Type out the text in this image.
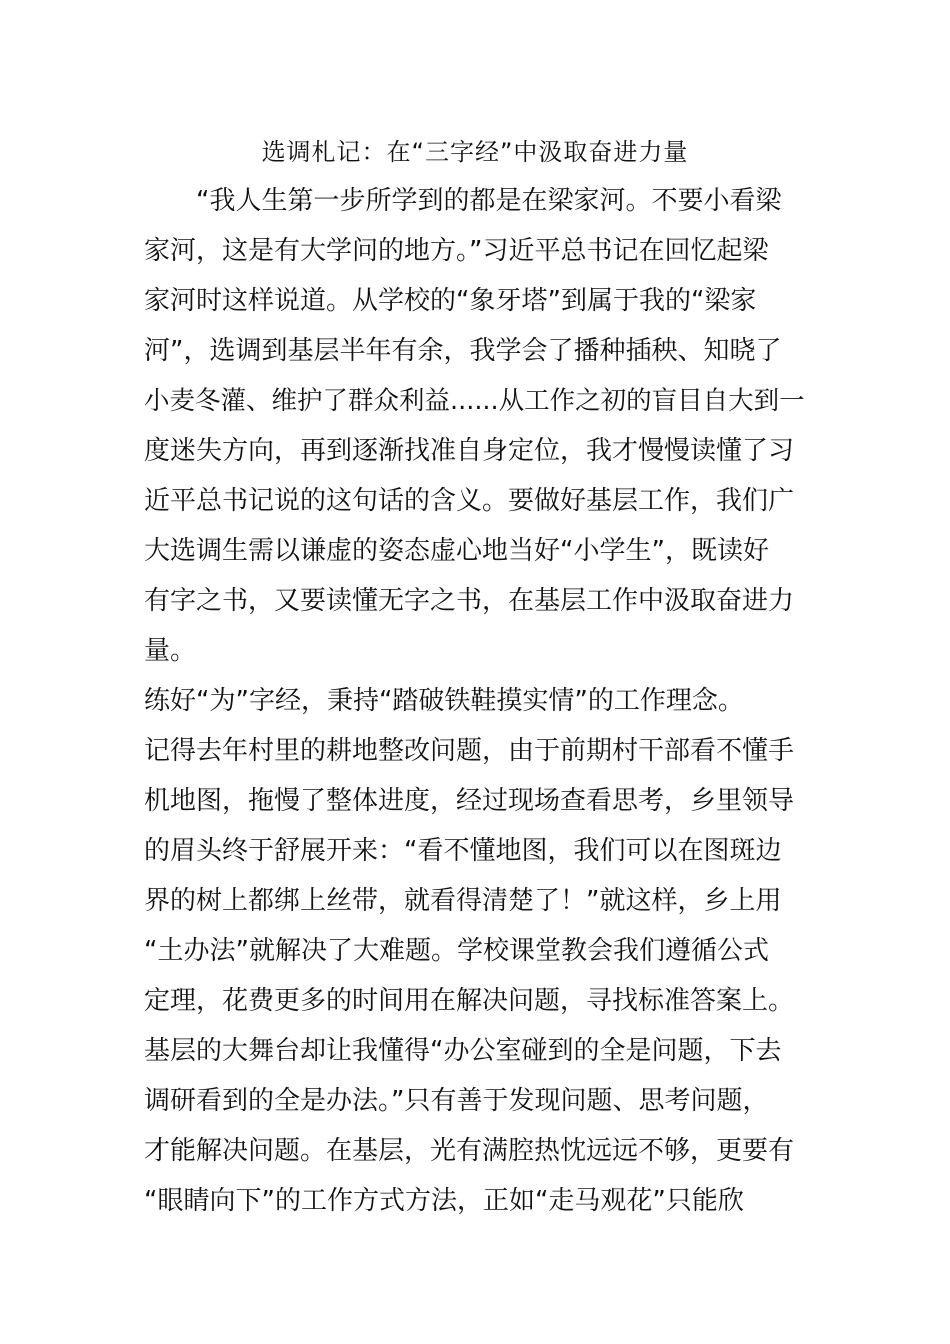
选调札记：在“三字经”中汲取奋进力量
　　“我人生第一步所学到的都是在梁家河。不要小看梁
家河，这是有大学问的地方。”习近平总书记在回忆起梁
家河时这样说道。从学校的“象牙塔”到属于我的“梁家
河”，选调到基层半年有余，我学会了播种插秧、知晓了
小麦冬灌、维护了群众利益......从工作之初的盲目自大到一
度迷失方向，再到逐渐找准自身定位，我才慢慢读懂了习
近平总书记说的这句话的含义。要做好基层工作，我们广
大选调生需以谦虚的姿态虚心地当好“小学生”，既读好
有字之书，又要读懂无字之书，在基层工作中汲取奋进力
量。
练好“为”字经，秉持“踏破铁鞋摸实情”的工作理念。
记得去年村里的耕地整改问题，由于前期村干部看不懂手
机地图，拖慢了整体进度，经过现场查看思考，乡里领导
的眉头终于舒展开来：“看不懂地图，我们可以在图斑边
界的树上都绑上丝带，就看得清楚了！”就这样，乡上用
“土办法”就解决了大难题。学校课堂教会我们遵循公式
定理，花费更多的时间用在解决问题，寻找标准答案上。
基层的大舞台却让我懂得“办公室碰到的全是问题，下去
调研看到的全是办法。”只有善于发现问题、思考问题，
才能解决问题。在基层，光有满腔热忱远远不够，更要有
“眼睛向下”的工作方式方法，正如“走马观花”只能欣
